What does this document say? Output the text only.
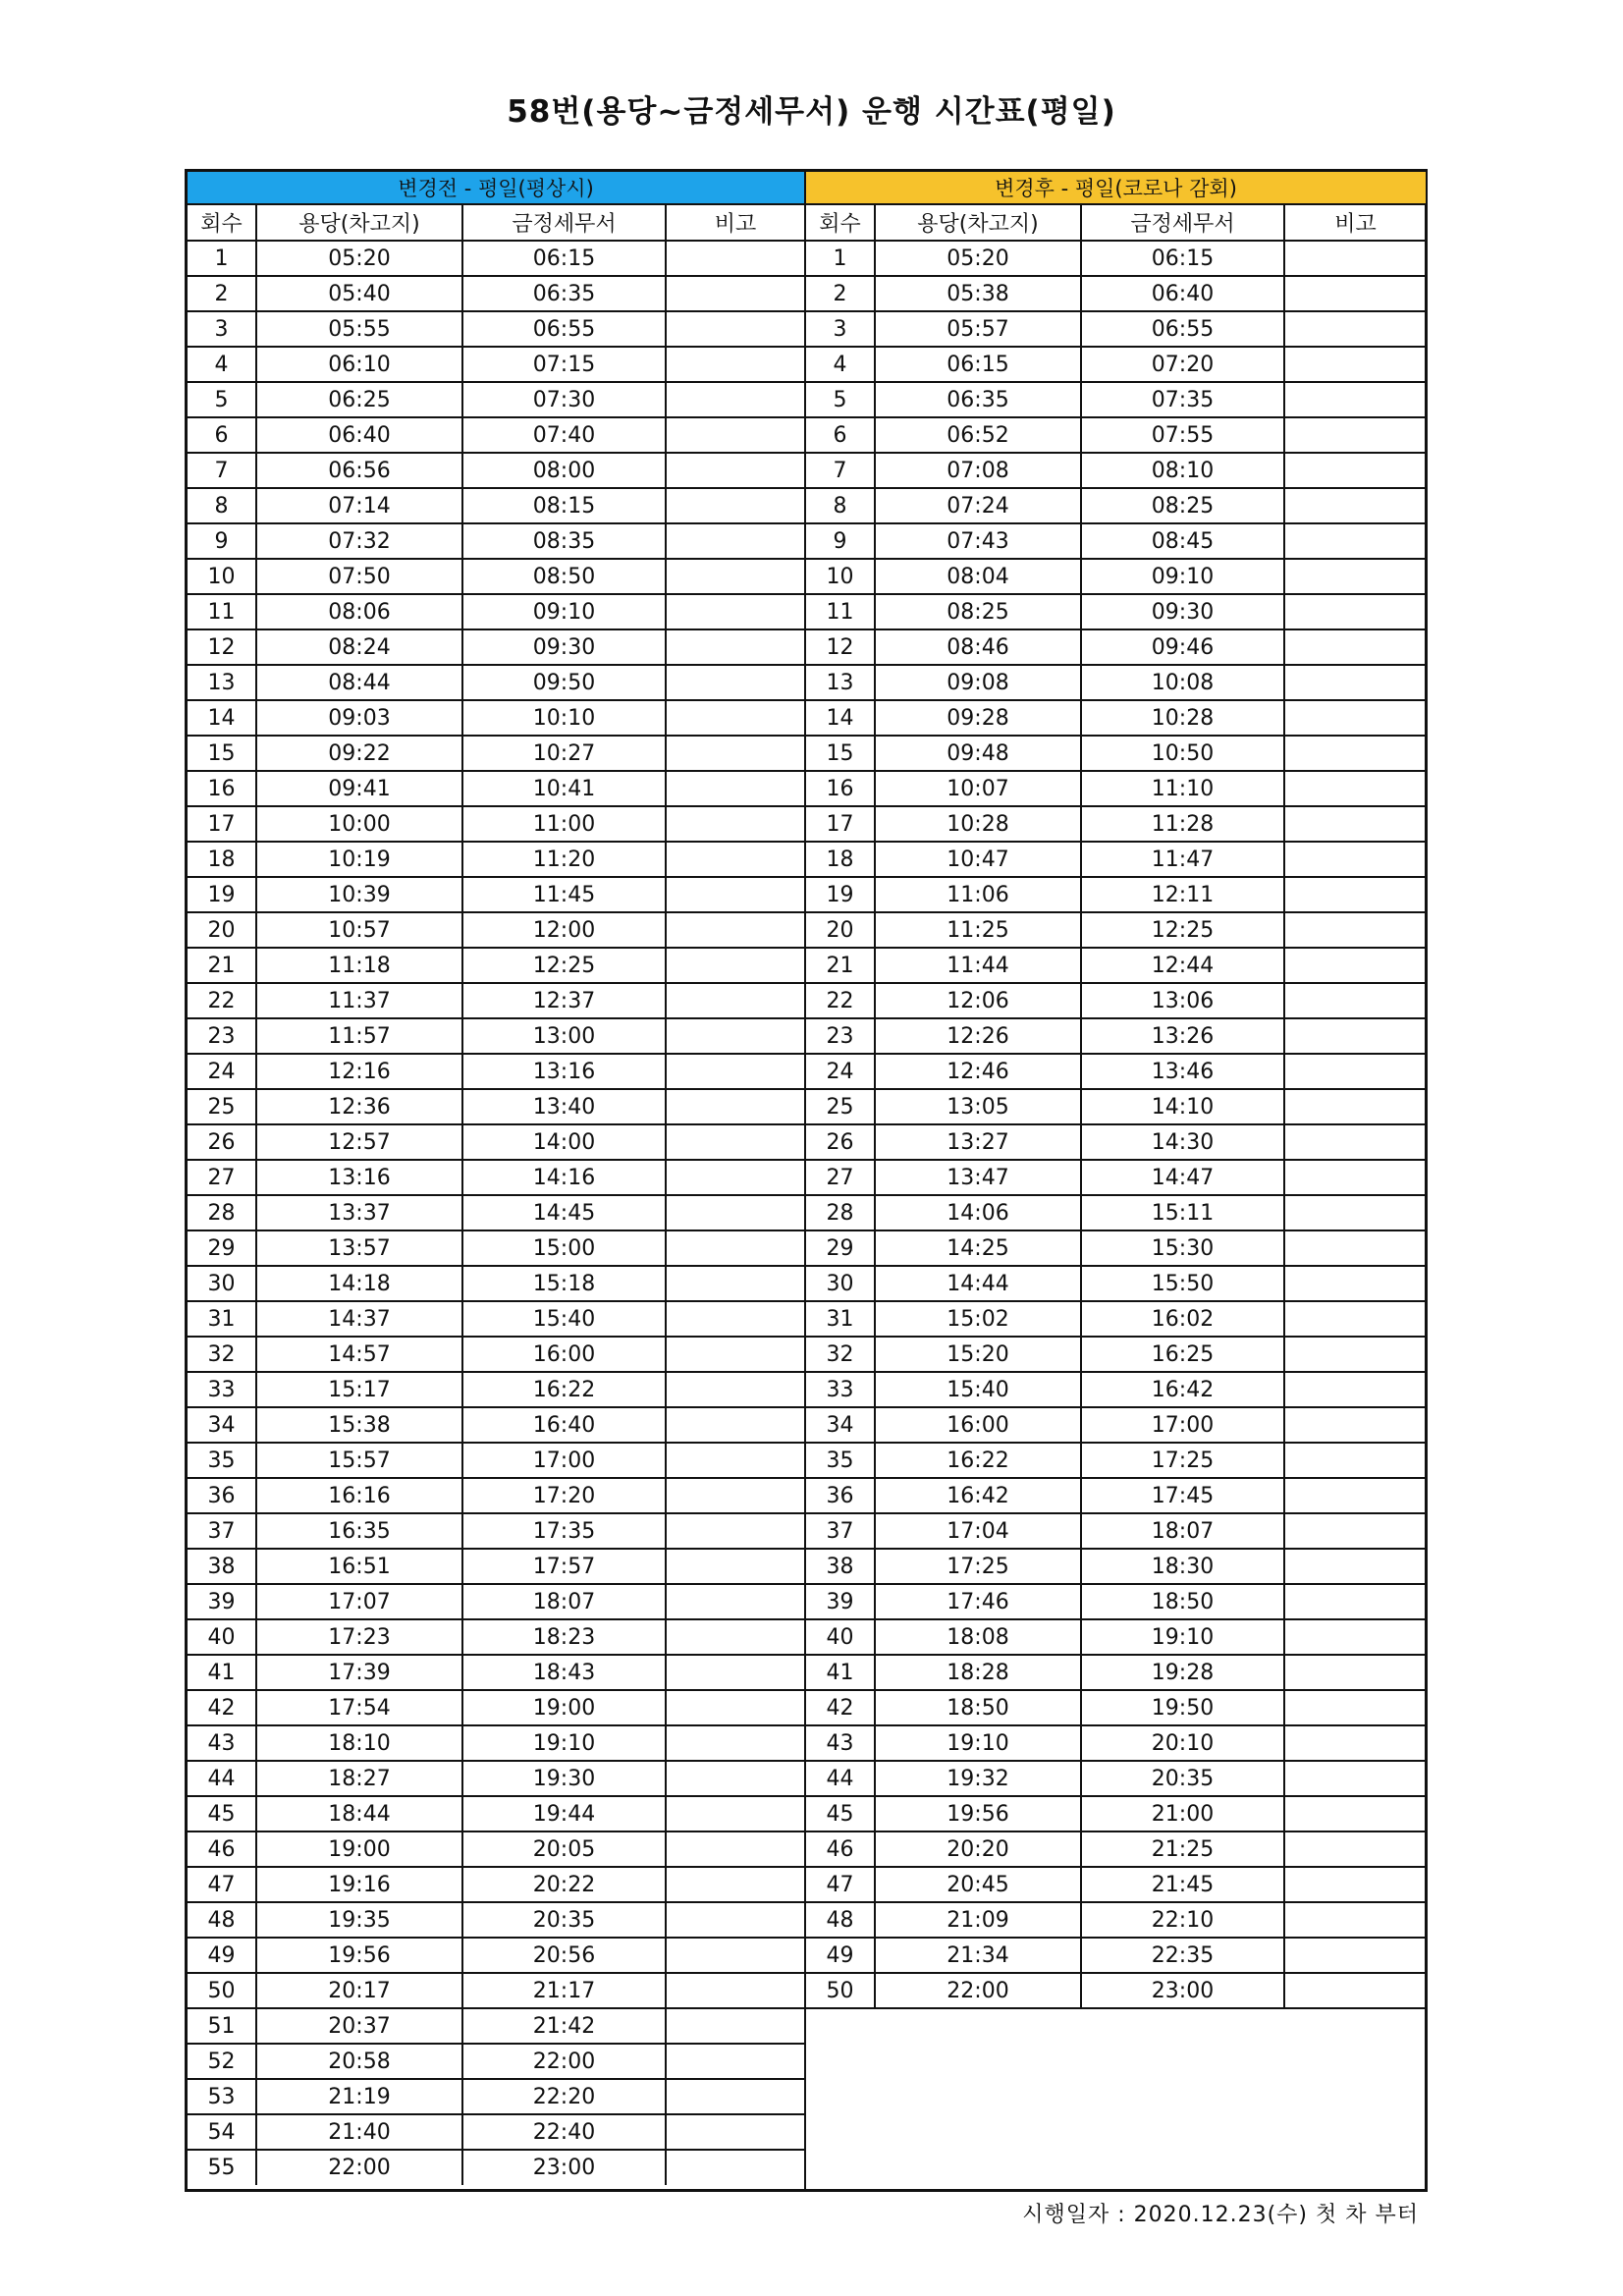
58번(용당~금정세무서) 운행 시간표(평일)
변경전 - 평일(평상시)
회수	용당(차고지)	금정세무서	비고
1	05:20	06:15	
2	05:40	06:35	
3	05:55	06:55	
4	06:10	07:15	
5	06:25	07:30	
6	06:40	07:40	
7	06:56	08:00	
8	07:14	08:15	
9	07:32	08:35	
10	07:50	08:50	
11	08:06	09:10	
12	08:24	09:30	
13	08:44	09:50	
14	09:03	10:10	
15	09:22	10:27	
16	09:41	10:41	
17	10:00	11:00	
18	10:19	11:20	
19	10:39	11:45	
20	10:57	12:00	
21	11:18	12:25	
22	11:37	12:37	
23	11:57	13:00	
24	12:16	13:16	
25	12:36	13:40	
26	12:57	14:00	
27	13:16	14:16	
28	13:37	14:45	
29	13:57	15:00	
30	14:18	15:18	
31	14:37	15:40	
32	14:57	16:00	
33	15:17	16:22	
34	15:38	16:40	
35	15:57	17:00	
36	16:16	17:20	
37	16:35	17:35	
38	16:51	17:57	
39	17:07	18:07	
40	17:23	18:23	
41	17:39	18:43	
42	17:54	19:00	
43	18:10	19:10	
44	18:27	19:30	
45	18:44	19:44	
46	19:00	20:05	
47	19:16	20:22	
48	19:35	20:35	
49	19:56	20:56	
50	20:17	21:17	
51	20:37	21:42	
52	20:58	22:00	
53	21:19	22:20	
54	21:40	22:40	
55	22:00	23:00	
변경후 - 평일(코로나 감회)
회수	용당(차고지)	금정세무서	비고
1	05:20	06:15	
2	05:38	06:40	
3	05:57	06:55	
4	06:15	07:20	
5	06:35	07:35	
6	06:52	07:55	
7	07:08	08:10	
8	07:24	08:25	
9	07:43	08:45	
10	08:04	09:10	
11	08:25	09:30	
12	08:46	09:46	
13	09:08	10:08	
14	09:28	10:28	
15	09:48	10:50	
16	10:07	11:10	
17	10:28	11:28	
18	10:47	11:47	
19	11:06	12:11	
20	11:25	12:25	
21	11:44	12:44	
22	12:06	13:06	
23	12:26	13:26	
24	12:46	13:46	
25	13:05	14:10	
26	13:27	14:30	
27	13:47	14:47	
28	14:06	15:11	
29	14:25	15:30	
30	14:44	15:50	
31	15:02	16:02	
32	15:20	16:25	
33	15:40	16:42	
34	16:00	17:00	
35	16:22	17:25	
36	16:42	17:45	
37	17:04	18:07	
38	17:25	18:30	
39	17:46	18:50	
40	18:08	19:10	
41	18:28	19:28	
42	18:50	19:50	
43	19:10	20:10	
44	19:32	20:35	
45	19:56	21:00	
46	20:20	21:25	
47	20:45	21:45	
48	21:09	22:10	
49	21:34	22:35	
50	22:00	23:00	
시행일자 : 2020.12.23(수) 첫 차 부터
